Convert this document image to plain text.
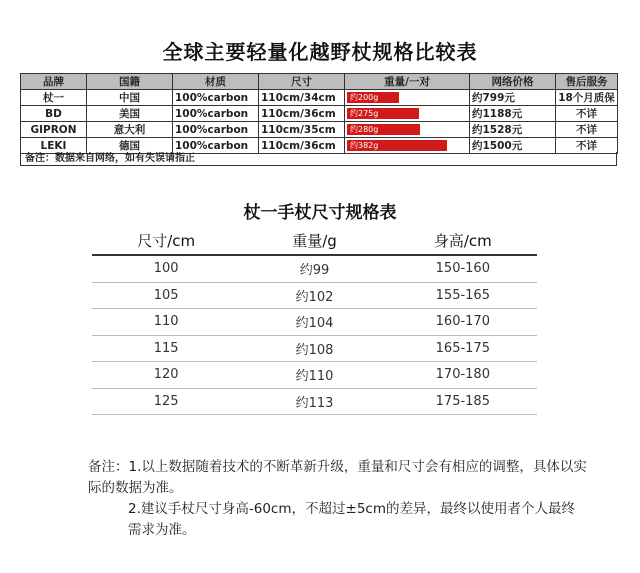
全球主要轻量化越野杖规格比较表
品牌	国籍	材质	尺寸	重量/一对	网络价格	售后服务
杖一	中国	100%carbon	110cm/34cm	约200g	约799元	18个月质保
BD	美国	100%carbon	110cm/36cm	约275g	约1188元	不详
GIPRON	意大利	100%carbon	110cm/35cm	约280g	约1528元	不详
LEKI	德国	100%carbon	110cm/36cm	约382g	约1500元	不详
备注：数据来自网络，如有失误请指正
杖一手杖尺寸规格表
尺寸/cm	重量/g	身高/cm
100	约99	150-160
105	约102	155-165
110	约104	160-170
115	约108	165-175
120	约110	170-180
125	约113	175-185

备注：1.以上数据随着技术的不断革新升级，重量和尺寸会有相应的调整，具体以实际的数据为准。

2.建议手杖尺寸身高-60cm，不超过±5cm的差异，最终以使用者个人最终需求为准。
